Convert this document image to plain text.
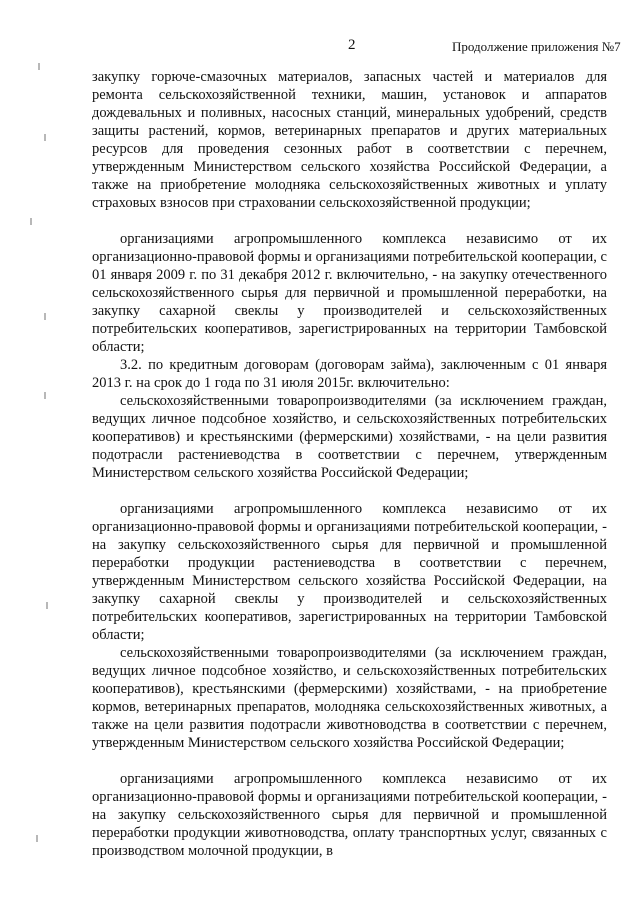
2	Продолжение приложения №7

закупку горюче-смазочных материалов, запасных частей и материалов для ремонта сельскохозяйственной техники, машин, установок и аппаратов дождевальных и поливных, насосных станций, минеральных удобрений, средств защиты растений, кормов, ветеринарных препаратов и других материальных ресурсов для проведения сезонных работ в соответствии с перечнем, утвержденным Министерством сельского хозяйства Российской Федерации, а также на приобретение молодняка сельскохозяйственных животных и уплату страховых взносов при страховании сельскохозяйственной продукции;

организациями агропромышленного комплекса независимо от их организационно-правовой формы и организациями потребительской кооперации, с 01 января 2009 г. по 31 декабря 2012 г. включительно, - на закупку отечественного сельскохозяйственного сырья для первичной и промышленной переработки, на закупку сахарной свеклы у производителей и сельскохозяйственных потребительских кооперативов, зарегистрированных на территории Тамбовской области;

3.2. по кредитным договорам (договорам займа), заключенным с 01 января 2013 г. на срок до 1 года по 31 июля 2015г. включительно:

сельскохозяйственными товаропроизводителями (за исключением граждан, ведущих личное подсобное хозяйство, и сельскохозяйственных потребительских кооперативов) и крестьянскими (фермерскими) хозяйствами, - на цели развития подотрасли растениеводства в соответствии с перечнем, утвержденным Министерством сельского хозяйства Российской Федерации;

организациями агропромышленного комплекса независимо от их организационно-правовой формы и организациями потребительской кооперации, - на закупку сельскохозяйственного сырья для первичной и промышленной переработки продукции растениеводства в соответствии с перечнем, утвержденным Министерством сельского хозяйства Российской Федерации, на закупку сахарной свеклы у производителей и сельскохозяйственных потребительских кооперативов, зарегистрированных на территории Тамбовской области;

сельскохозяйственными товаропроизводителями (за исключением граждан, ведущих личное подсобное хозяйство, и сельскохозяйственных потребительских кооперативов), крестьянскими (фермерскими) хозяйствами, - на приобретение кормов, ветеринарных препаратов, молодняка сельскохозяйственных животных, а также на цели развития подотрасли животноводства в соответствии с перечнем, утвержденным Министерством сельского хозяйства Российской Федерации;

организациями агропромышленного комплекса независимо от их организационно-правовой формы и организациями потребительской кооперации, - на закупку сельскохозяйственного сырья для первичной и промышленной переработки продукции животноводства, оплату транспортных услуг, связанных с производством молочной продукции, в
